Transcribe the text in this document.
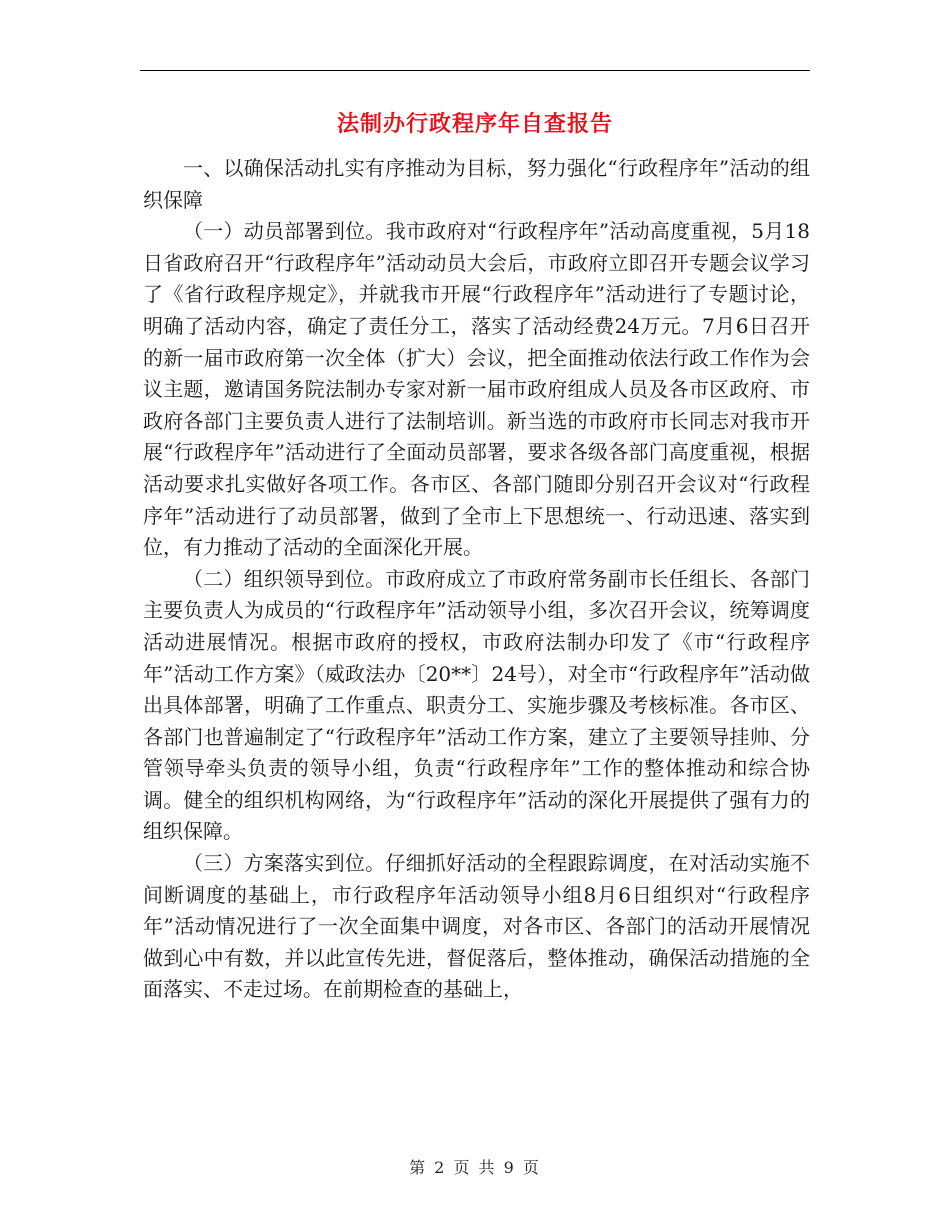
法制办行政程序年自查报告

一、以确保活动扎实有序推动为目标，努力强化“行政程序年”活动的组织保障

（一）动员部署到位。我市政府对“行政程序年”活动高度重视，5月18日省政府召开“行政程序年”活动动员大会后，市政府立即召开专题会议学习了《省行政程序规定》，并就我市开展“行政程序年”活动进行了专题讨论，明确了活动内容，确定了责任分工，落实了活动经费24万元。7月6日召开的新一届市政府第一次全体（扩大）会议，把全面推动依法行政工作作为会议主题，邀请国务院法制办专家对新一届市政府组成人员及各市区政府、市政府各部门主要负责人进行了法制培训。新当选的市政府市长同志对我市开展“行政程序年”活动进行了全面动员部署，要求各级各部门高度重视，根据活动要求扎实做好各项工作。各市区、各部门随即分别召开会议对“行政程序年”活动进行了动员部署，做到了全市上下思想统一、行动迅速、落实到位，有力推动了活动的全面深化开展。

（二）组织领导到位。市政府成立了市政府常务副市长任组长、各部门主要负责人为成员的“行政程序年”活动领导小组，多次召开会议，统筹调度活动进展情况。根据市政府的授权，市政府法制办印发了《市“行政程序年”活动工作方案》（威政法办〔20**〕24号），对全市“行政程序年”活动做出具体部署，明确了工作重点、职责分工、实施步骤及考核标准。各市区、各部门也普遍制定了“行政程序年”活动工作方案，建立了主要领导挂帅、分管领导牵头负责的领导小组，负责“行政程序年”工作的整体推动和综合协调。健全的组织机构网络，为“行政程序年”活动的深化开展提供了强有力的组织保障。

（三）方案落实到位。仔细抓好活动的全程跟踪调度，在对活动实施不间断调度的基础上，市行政程序年活动领导小组8月6日组织对“行政程序年”活动情况进行了一次全面集中调度，对各市区、各部门的活动开展情况做到心中有数，并以此宣传先进，督促落后，整体推动，确保活动措施的全面落实、不走过场。在前期检查的基础上，

第 2 页 共 9 页
